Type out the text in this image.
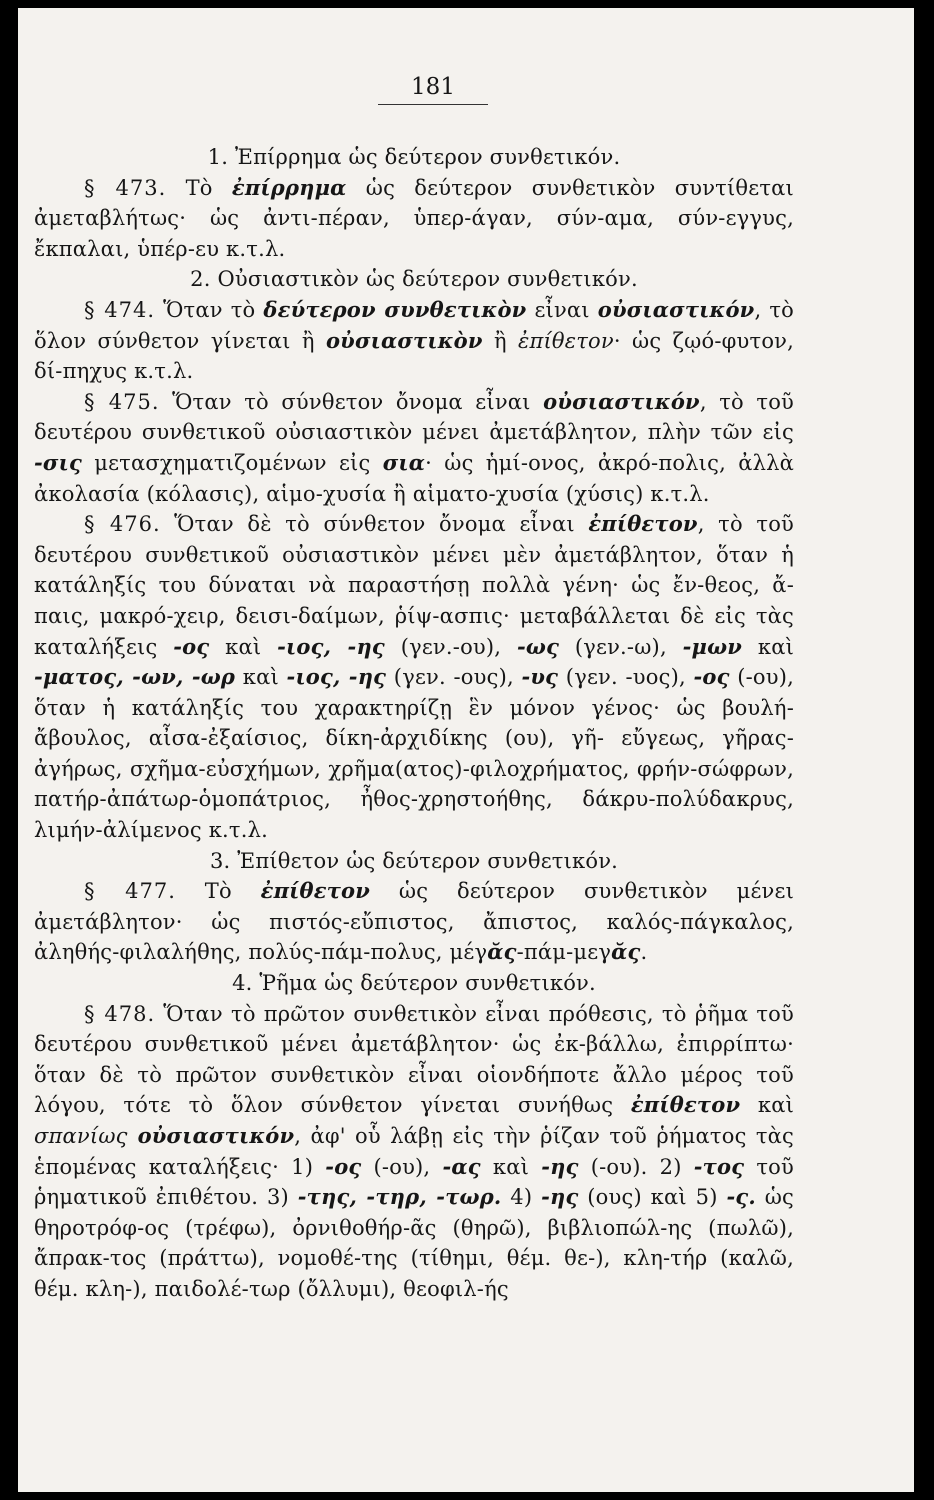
181

1. Ἐπίρρημα ὡς δεύτερον συνθετικόν.

§ 473. Τὸ ἐπίρρημα ὡς δεύτερον συνθετικὸν συντίθεται ἀμεταβλήτως· ὡς ἀντι-πέραν, ὑπερ-άγαν, σύν-αμα, σύν-εγγυς, ἔκπαλαι, ὑπέρ-ευ κ.τ.λ.

2. Οὐσιαστικὸν ὡς δεύτερον συνθετικόν.

§ 474. Ὅταν τὸ δεύτερον συνθετικὸν εἶναι οὐσιαστικόν, τὸ ὅλον σύνθετον γίνεται ἢ οὐσιαστικὸν ἢ ἐπίθετον· ὡς ζῳό-φυτον, δί-πηχυς κ.τ.λ.

§ 475. Ὅταν τὸ σύνθετον ὄνομα εἶναι οὐσιαστικόν, τὸ τοῦ δευτέρου συνθετικοῦ οὐσιαστικὸν μένει ἀμετάβλητον, πλὴν τῶν εἰς -σις μετασχηματιζομένων εἰς σια· ὡς ἡμί-ονος, ἀκρό-πολις, ἀλλὰ ἀκολασία (κόλασις), αἱμο-χυσία ἢ αἱματο-χυσία (χύσις) κ.τ.λ.

§ 476. Ὅταν δὲ τὸ σύνθετον ὄνομα εἶναι ἐπίθετον, τὸ τοῦ δευτέρου συνθετικοῦ οὐσιαστικὸν μένει μὲν ἀμετάβλητον, ὅταν ἡ κατάληξίς του δύναται νὰ παραστήσῃ πολλὰ γένη· ὡς ἔν-θεος, ἄ-παις, μακρό-χειρ, δεισι-δαίμων, ῥίψ-ασπις· μεταβάλλεται δὲ εἰς τὰς καταλήξεις -ος καὶ -ιος, -ης (γεν.-ου), -ως (γεν.-ω), -μων καὶ -ματος, -ων, -ωρ καὶ -ιος, -ης (γεν. -ους), -υς (γεν. -υος), -ος (-ου), ὅταν ἡ κατάληξίς του χαρακτηρίζῃ ἓν μόνον γένος· ὡς βουλή-ἄβουλος, αἶσα-ἐξαίσιος, δίκη-ἀρχιδίκης (ου), γῆ- εὔγεως, γῆρας-ἀγήρως, σχῆμα-εὐσχήμων, χρῆμα(ατος)-φιλοχρήματος, φρήν-σώφρων, πατήρ-ἀπάτωρ-ὁμοπάτριος, ἦθος-χρηστοήθης, δάκρυ-πολύδακρυς, λιμήν-ἀλίμενος κ.τ.λ.

3. Ἐπίθετον ὡς δεύτερον συνθετικόν.

§ 477. Τὸ ἐπίθετον ὡς δεύτερον συνθετικὸν μένει ἀμετάβλητον· ὡς πιστός-εὔπιστος, ἄπιστος, καλός-πάγκαλος, ἀληθής-φιλαλήθης, πολύς-πάμ-πολυς, μέγᾰς-πάμ-μεγᾰς.

4. Ῥῆμα ὡς δεύτερον συνθετικόν.

§ 478. Ὅταν τὸ πρῶτον συνθετικὸν εἶναι πρόθεσις, τὸ ῥῆμα τοῦ δευτέρου συνθετικοῦ μένει ἀμετάβλητον· ὡς ἐκ-βάλλω, ἐπιρρίπτω· ὅταν δὲ τὸ πρῶτον συνθετικὸν εἶναι οἱονδήποτε ἄλλο μέρος τοῦ λόγου, τότε τὸ ὅλον σύνθετον γίνεται συνήθως ἐπίθετον καὶ σπανίως οὐσιαστικόν, ἀφ' οὗ λάβῃ εἰς τὴν ῥίζαν τοῦ ῥήματος τὰς ἑπομένας καταλήξεις· 1) -ος (-ου), -ας καὶ -ης (-ου). 2) -τος τοῦ ῥηματικοῦ ἐπιθέτου. 3) -της, -τηρ, -τωρ. 4) -ης (ους) καὶ 5) -ς. ὡς θηροτρόφ-ος (τρέφω), ὀρνιθοθήρ-ᾶς (θηρῶ), βιβλιοπώλ-ης (πωλῶ), ἄπρακ-τος (πράττω), νομοθέ-της (τίθημι, θέμ. θε-), κλη-τήρ (καλῶ, θέμ. κλη-), παιδολέ-τωρ (ὄλλυμι), θεοφιλ-ής
